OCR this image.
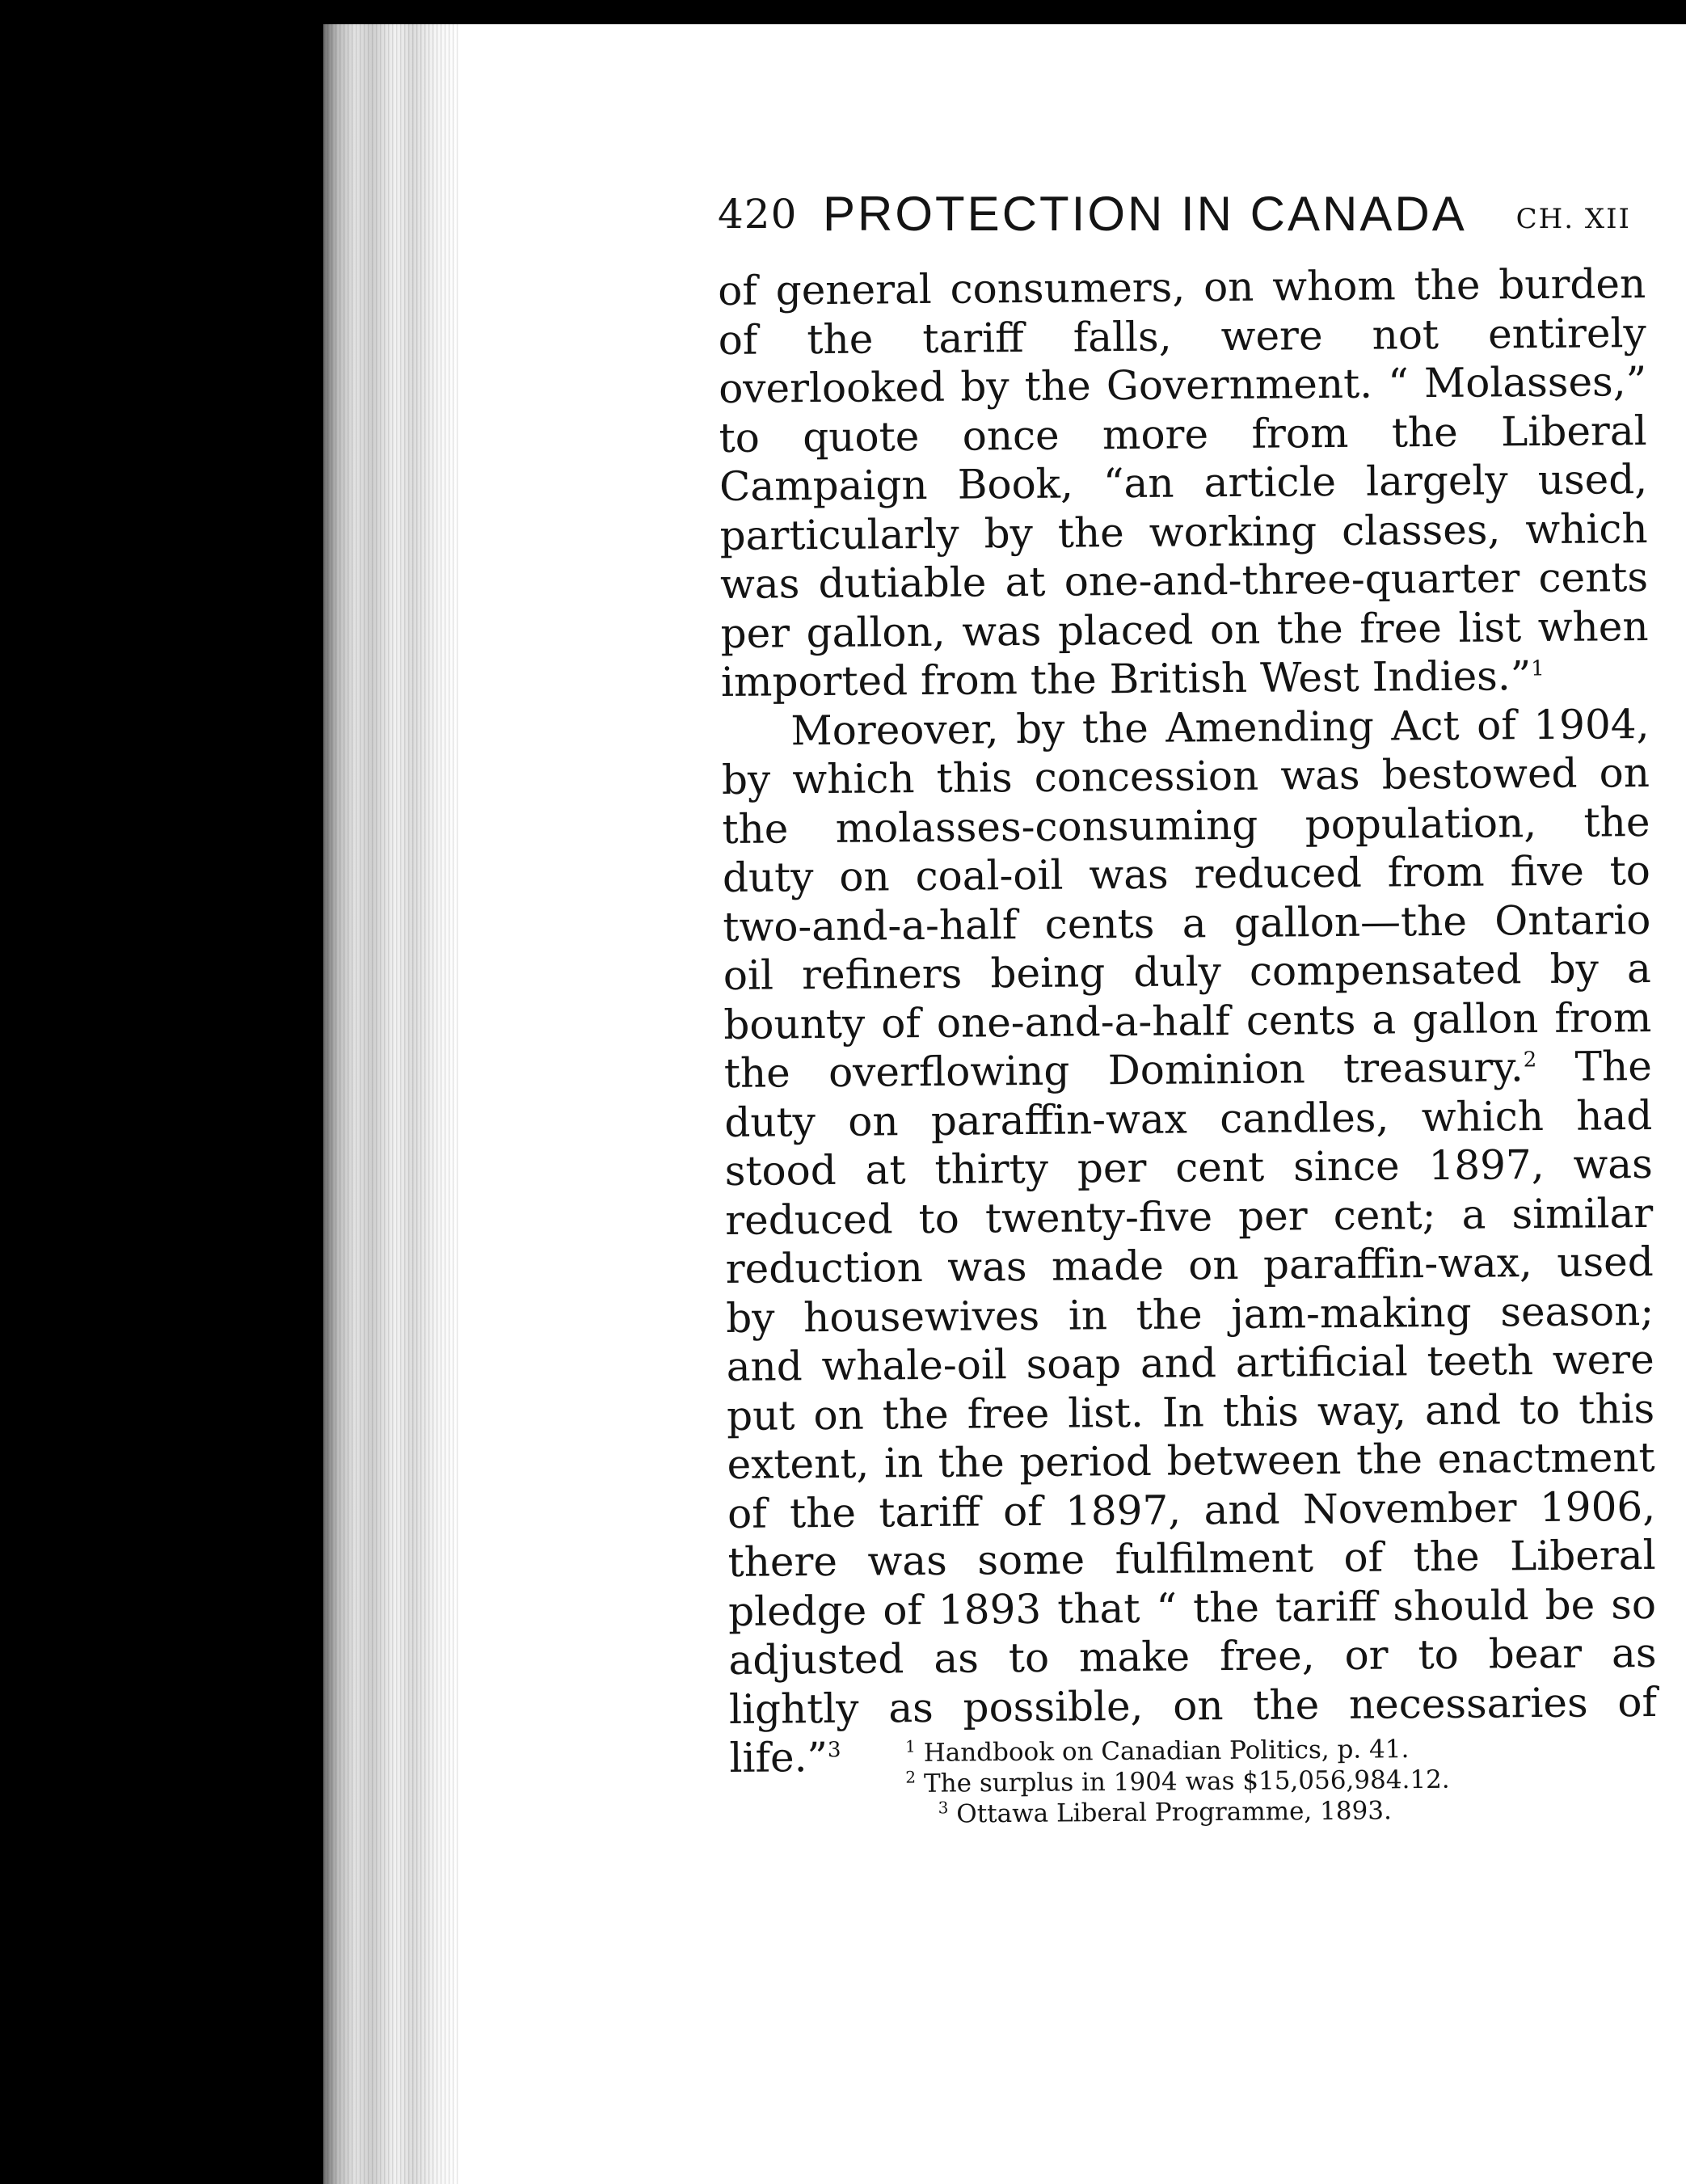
420 PROTECTION IN CANADA CH. XII

of general consumers, on whom the burden of the tariff falls, were not entirely overlooked by the Government. “ Molasses,” to quote once more from the Liberal Campaign Book, “an article largely used, particularly by the working classes, which was dutiable at one-and-three-quarter cents per gallon, was placed on the free list when imported from the British West Indies.”$^1$

Moreover, by the Amending Act of 1904, by which this concession was bestowed on the molasses-consuming population, the duty on coal-oil was reduced from five to two-and-a-half cents a gallon—the Ontario oil refiners being duly compensated by a bounty of one-and-a-half cents a gallon from the overflowing Dominion treasury.$^2$ The duty on paraffin-wax candles, which had stood at thirty per cent since 1897, was reduced to twenty-five per cent; a similar reduction was made on paraffin-wax, used by housewives in the jam-making season; and whale-oil soap and artificial teeth were put on the free list. In this way, and to this extent, in the period between the enactment of the tariff of 1897, and November 1906, there was some fulfilment of the Liberal pledge of 1893 that “ the tariff should be so adjusted as to make free, or to bear as lightly as possible, on the necessaries of life.”$^3$	$^1$ Handbook on Canadian Politics, p. 41.
$^2$ The surplus in 1904 was $15,056,984.12.
$^3$ Ottawa Liberal Programme, 1893.
